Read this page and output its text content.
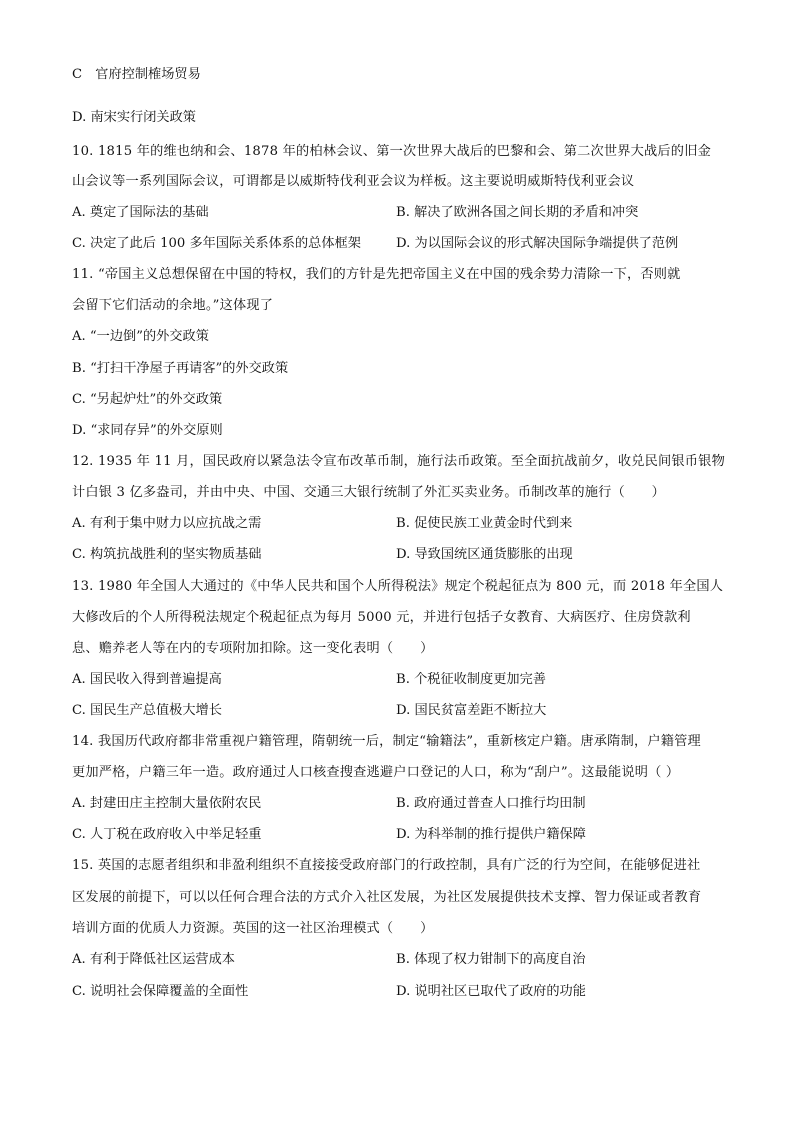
C　官府控制榷场贸易
D. 南宋实行闭关政策
10. 1815 年的维也纳和会、1878 年的柏林会议、第一次世界大战后的巴黎和会、第二次世界大战后的旧金
山会议等一系列国际会议，可谓都是以威斯特伐利亚会议为样板。这主要说明威斯特伐利亚会议
A. 奠定了国际法的基础	B. 解决了欧洲各国之间长期的矛盾和冲突
C. 决定了此后 100 多年国际关系体系的总体框架	D. 为以国际会议的形式解决国际争端提供了范例
11. “帝国主义总想保留在中国的特权，我们的方针是先把帝国主义在中国的残余势力清除一下，否则就
会留下它们活动的余地。”这体现了
A. “一边倒”的外交政策
B. “打扫干净屋子再请客”的外交政策
C. “另起炉灶”的外交政策
D. “求同存异”的外交原则
12. 1935 年 11 月，国民政府以紧急法令宣布改革币制，施行法币政策。至全面抗战前夕，收兑民间银币银物
计白银 3 亿多盎司，并由中央、中国、交通三大银行统制了外汇买卖业务。币制改革的施行（　　）
A. 有利于集中财力以应抗战之需	B. 促使民族工业黄金时代到来
C. 构筑抗战胜利的坚实物质基础	D. 导致国统区通货膨胀的出现
13. 1980 年全国人大通过的《中华人民共和国个人所得税法》规定个税起征点为 800 元，而 2018 年全国人
大修改后的个人所得税法规定个税起征点为每月 5000 元，并进行包括子女教育、大病医疗、住房贷款利
息、赡养老人等在内的专项附加扣除。这一变化表明（　　）
A. 国民收入得到普遍提高	B. 个税征收制度更加完善
C. 国民生产总值极大增长	D. 国民贫富差距不断拉大
14. 我国历代政府都非常重视户籍管理，隋朝统一后，制定“输籍法”，重新核定户籍。唐承隋制，户籍管理
更加严格，户籍三年一造。政府通过人口核查搜查逃避户口登记的人口，称为“刮户”。这最能说明（ ）
A. 封建田庄主控制大量依附农民	B. 政府通过普查人口推行均田制
C. 人丁税在政府收入中举足轻重	D. 为科举制的推行提供户籍保障
15. 英国的志愿者组织和非盈利组织不直接接受政府部门的行政控制，具有广泛的行为空间，在能够促进社
区发展的前提下，可以以任何合理合法的方式介入社区发展，为社区发展提供技术支撑、智力保证或者教育
培训方面的优质人力资源。英国的这一社区治理模式（　　）
A. 有利于降低社区运营成本	B. 体现了权力钳制下的高度自治
C. 说明社会保障覆盖的全面性	D. 说明社区已取代了政府的功能
